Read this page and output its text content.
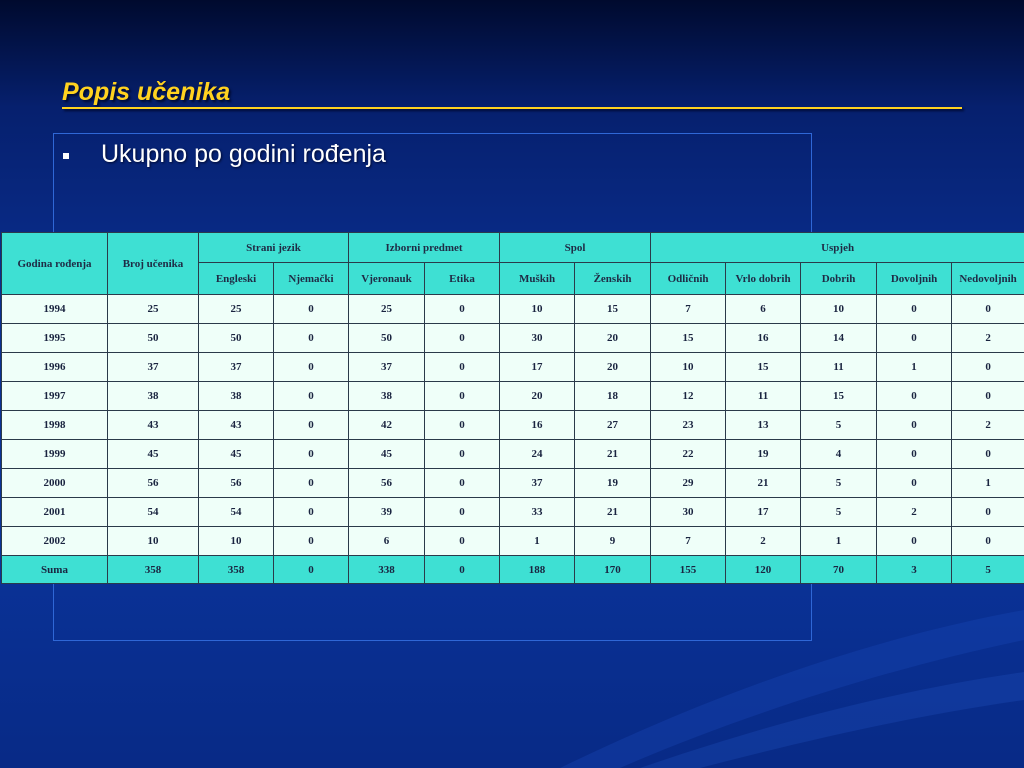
Popis učenika
Ukupno po godini rođenja
Godina rođenja	Broj učenika	Strani jezik		Izborni predmet		Spol		Uspjeh				
		Engleski	Njemački	Vjeronauk	Etika	Muških	Ženskih	Odličnih	Vrlo dobrih	Dobrih	Dovoljnih	Nedovoljnih
1994	25	25	0	25	0	10	15	7	6	10	0	0
1995	50	50	0	50	0	30	20	15	16	14	0	2
1996	37	37	0	37	0	17	20	10	15	11	1	0
1997	38	38	0	38	0	20	18	12	11	15	0	0
1998	43	43	0	42	0	16	27	23	13	5	0	2
1999	45	45	0	45	0	24	21	22	19	4	0	0
2000	56	56	0	56	0	37	19	29	21	5	0	1
2001	54	54	0	39	0	33	21	30	17	5	2	0
2002	10	10	0	6	0	1	9	7	2	1	0	0
Suma	358	358	0	338	0	188	170	155	120	70	3	5
